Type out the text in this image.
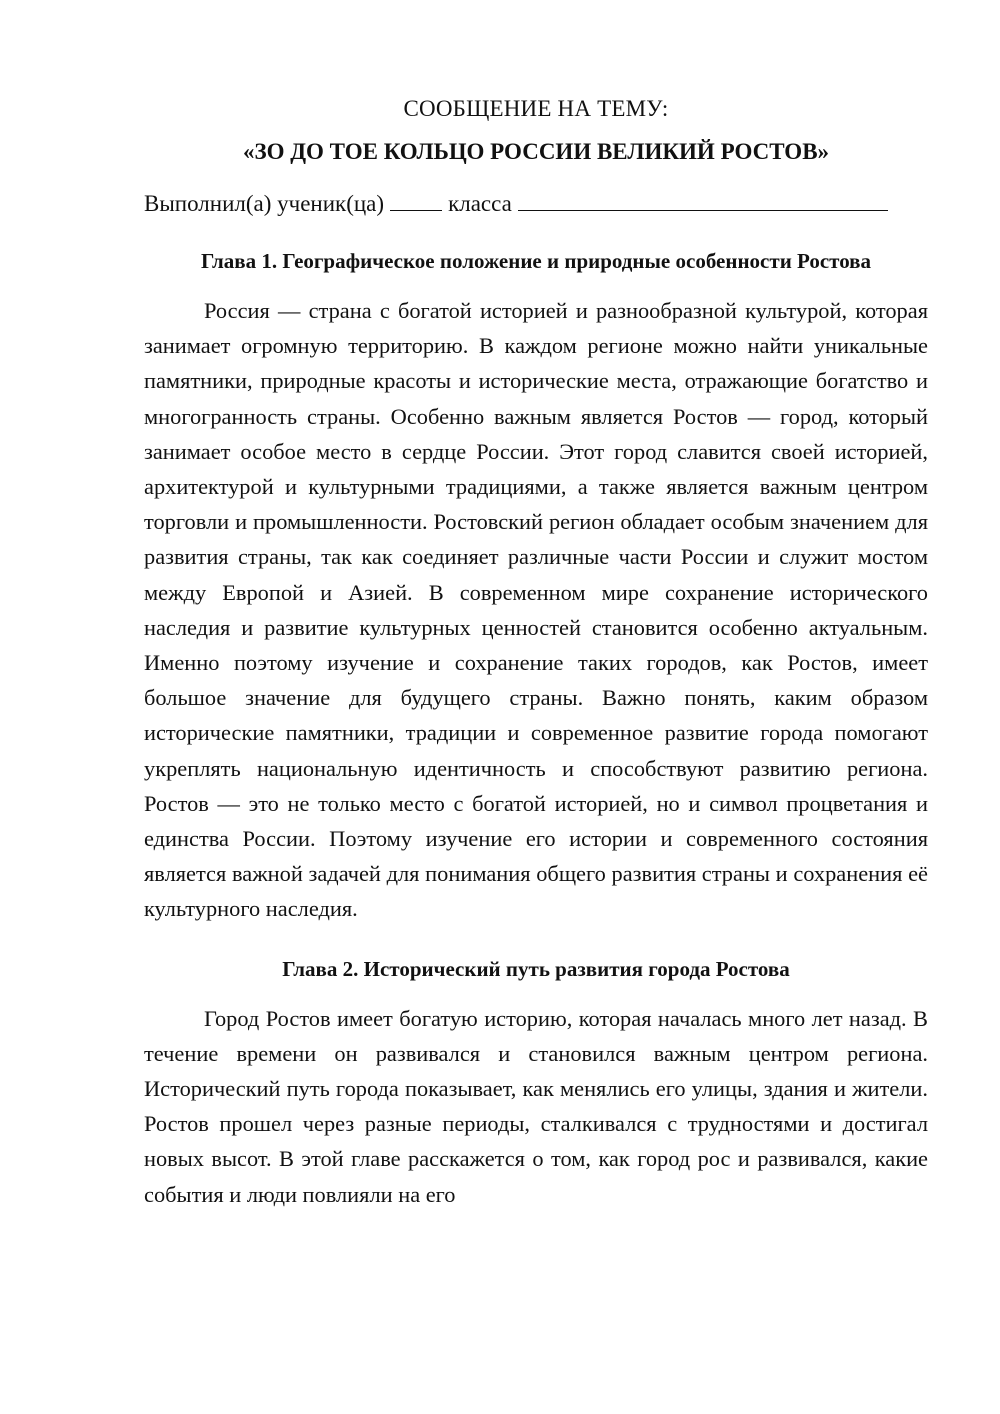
СООБЩЕНИЕ НА ТЕМУ:

«ЗО ДО ТОЕ КОЛЬЦО РОССИИ ВЕЛИКИЙ РОСТОВ»

Выполнил(а) ученик(ца)	класса

Глава 1. Географическое положение и природные особенности Ростова

Россия — страна с богатой историей и разнообразной культурой, которая занимает огромную территорию. В каждом регионе можно найти уникальные памятники, природные красоты и исторические места, отражающие богатство и многогранность страны. Особенно важным является Ростов — город, который занимает особое место в сердце России. Этот город славится своей историей, архитектурой и культурными традициями, а также является важным центром торговли и промышленности. Ростовский регион обладает особым значением для развития страны, так как соединяет различные части России и служит мостом между Европой и Азией. В современном мире сохранение исторического наследия и развитие культурных ценностей становится особенно актуальным. Именно поэтому изучение и сохранение таких городов, как Ростов, имеет большое значение для будущего страны. Важно понять, каким образом исторические памятники, традиции и современное развитие города помогают укреплять национальную идентичность и способствуют развитию региона. Ростов — это не только место с богатой историей, но и символ процветания и единства России. Поэтому изучение его истории и современного состояния является важной задачей для понимания общего развития страны и сохранения её культурного наследия.

Глава 2. Исторический путь развития города Ростова

Город Ростов имеет богатую историю, которая началась много лет назад. В течение времени он развивался и становился важным центром региона. Исторический путь города показывает, как менялись его улицы, здания и жители. Ростов прошел через разные периоды, сталкивался с трудностями и достигал новых высот. В этой главе расскажется о том, как город рос и развивался, какие события и люди повлияли на его
